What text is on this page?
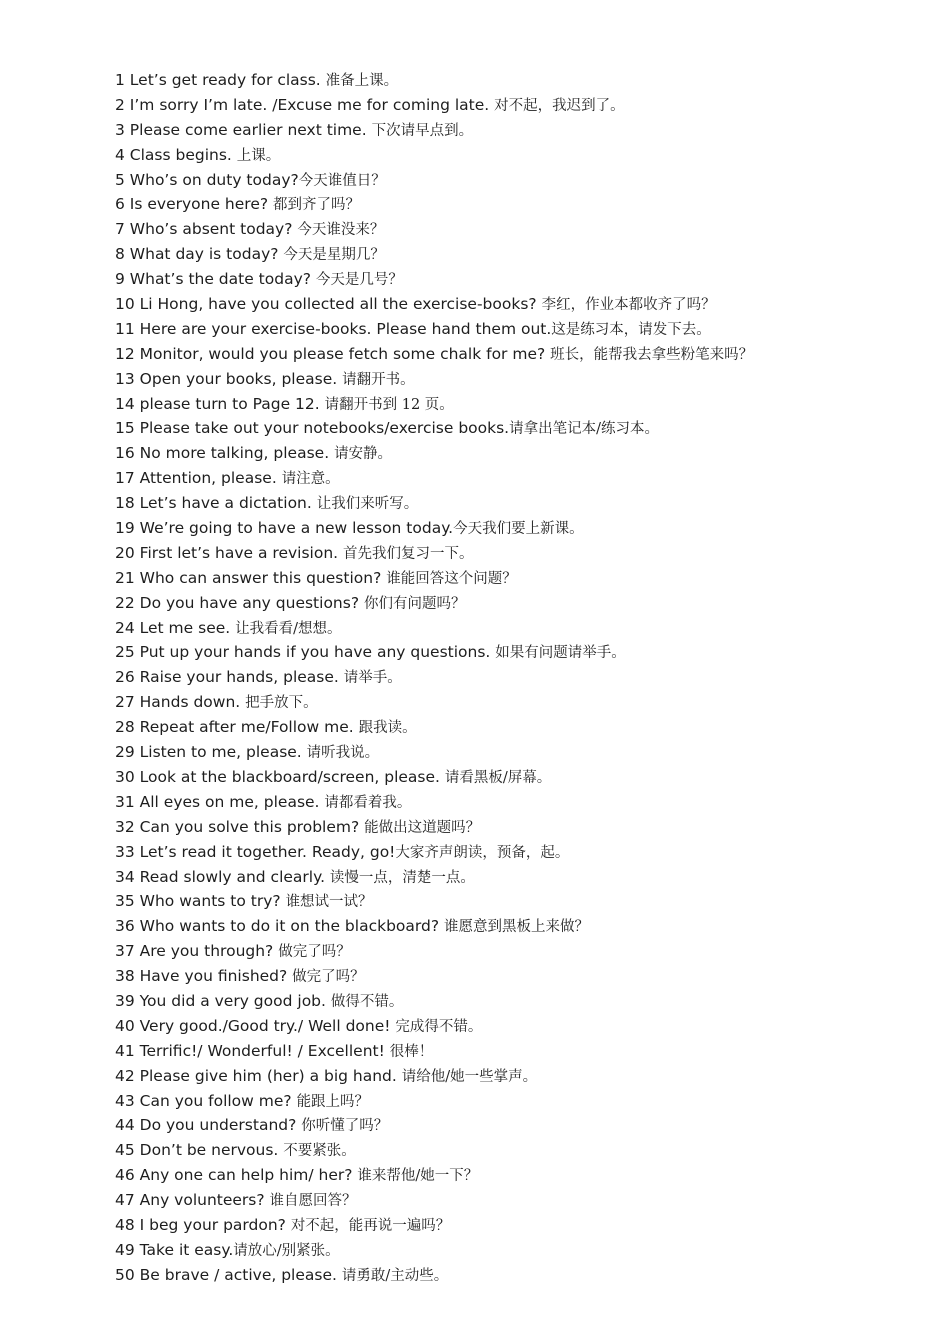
1 Let’s get ready for class. 准备上课。
2 I’m sorry I’m late. /Excuse me for coming late. 对不起，我迟到了。
3 Please come earlier next time. 下次请早点到。
4 Class begins. 上课。
5 Who’s on duty today?今天谁值日？
6 Is everyone here? 都到齐了吗？
7 Who’s absent today? 今天谁没来？
8 What day is today? 今天是星期几？
9 What’s the date today? 今天是几号？
10 Li Hong, have you collected all the exercise-books? 李红，作业本都收齐了吗？
11 Here are your exercise-books. Please hand them out.这是练习本，请发下去。
12 Monitor, would you please fetch some chalk for me? 班长，能帮我去拿些粉笔来吗？
13 Open your books, please. 请翻开书。
14 please turn to Page 12. 请翻开书到 12 页。
15 Please take out your notebooks/exercise books.请拿出笔记本/练习本。
16 No more talking, please. 请安静。
17 Attention, please. 请注意。
18 Let’s have a dictation. 让我们来听写。
19 We’re going to have a new lesson today.今天我们要上新课。
20 First let’s have a revision. 首先我们复习一下。
21 Who can answer this question? 谁能回答这个问题？
22 Do you have any questions? 你们有问题吗？
24 Let me see. 让我看看/想想。
25 Put up your hands if you have any questions. 如果有问题请举手。
26 Raise your hands, please. 请举手。
27 Hands down. 把手放下。
28 Repeat after me/Follow me. 跟我读。
29 Listen to me, please. 请听我说。
30 Look at the blackboard/screen, please. 请看黑板/屏幕。
31 All eyes on me, please. 请都看着我。
32 Can you solve this problem? 能做出这道题吗？
33 Let’s read it together. Ready, go!大家齐声朗读，预备，起。
34 Read slowly and clearly. 读慢一点，清楚一点。
35 Who wants to try? 谁想试一试？
36 Who wants to do it on the blackboard? 谁愿意到黑板上来做？
37 Are you through? 做完了吗？
38 Have you finished? 做完了吗？
39 You did a very good job. 做得不错。
40 Very good./Good try./ Well done! 完成得不错。
41 Terrific!/ Wonderful! / Excellent! 很棒！
42 Please give him (her) a big hand. 请给他/她一些掌声。
43 Can you follow me? 能跟上吗？
44 Do you understand? 你听懂了吗？
45 Don’t be nervous. 不要紧张。
46 Any one can help him/ her? 谁来帮他/她一下？
47 Any volunteers? 谁自愿回答？
48 I beg your pardon? 对不起，能再说一遍吗？
49 Take it easy.请放心/别紧张。
50 Be brave / active, please. 请勇敢/主动些。
